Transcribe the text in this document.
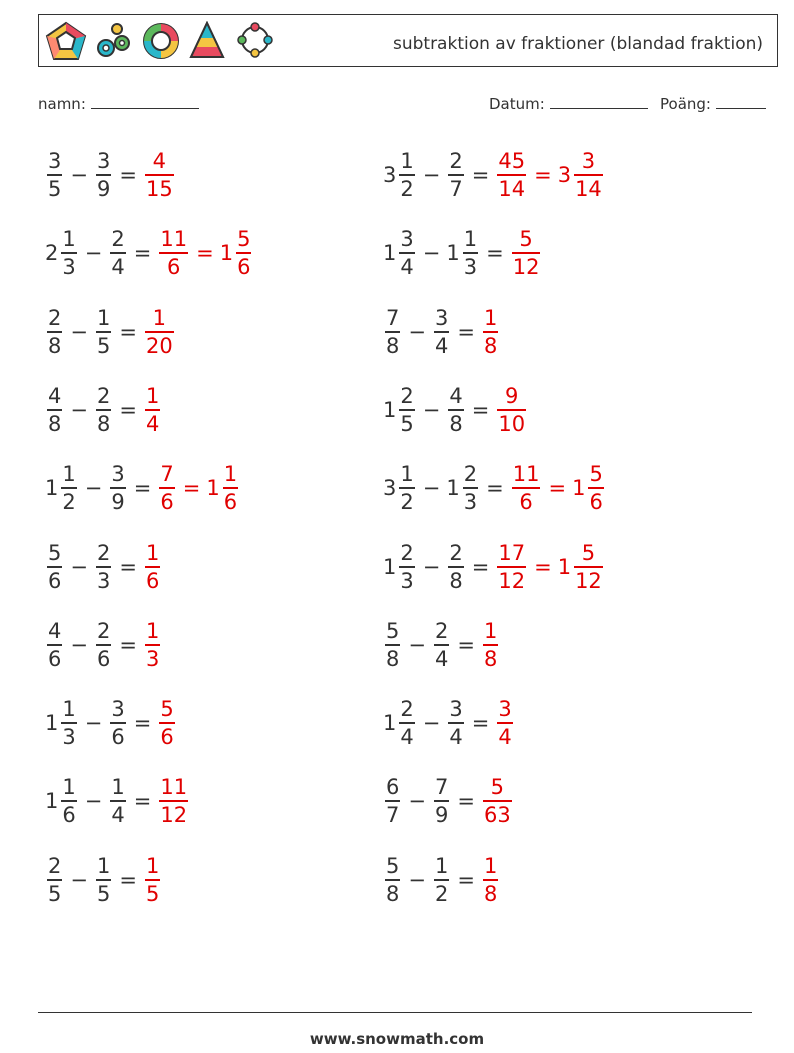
subtraktion av fraktioner (blandad fraktion)
namn:	Datum:	Poäng:
$\frac{3}{5} - \frac{3}{9} = \frac{4}{15}$
$2 \frac{1}{3} - \frac{2}{4} = \frac{11}{6} = 1 \frac{5}{6}$
$\frac{2}{8} - \frac{1}{5} = \frac{1}{20}$
$\frac{4}{8} - \frac{2}{8} = \frac{1}{4}$
$1 \frac{1}{2} - \frac{3}{9} = \frac{7}{6} = 1 \frac{1}{6}$
$\frac{5}{6} - \frac{2}{3} = \frac{1}{6}$
$\frac{4}{6} - \frac{2}{6} = \frac{1}{3}$
$1 \frac{1}{3} - \frac{3}{6} = \frac{5}{6}$
$1 \frac{1}{6} - \frac{1}{4} = \frac{11}{12}$
$\frac{2}{5} - \frac{1}{5} = \frac{1}{5}$
$3 \frac{1}{2} - \frac{2}{7} = \frac{45}{14} = 3 \frac{3}{14}$
$1 \frac{3}{4} - 1 \frac{1}{3} = \frac{5}{12}$
$\frac{7}{8} - \frac{3}{4} = \frac{1}{8}$
$1 \frac{2}{5} - \frac{4}{8} = \frac{9}{10}$
$3 \frac{1}{2} - 1 \frac{2}{3} = \frac{11}{6} = 1 \frac{5}{6}$
$1 \frac{2}{3} - \frac{2}{8} = \frac{17}{12} = 1 \frac{5}{12}$
$\frac{5}{8} - \frac{2}{4} = \frac{1}{8}$
$1 \frac{2}{4} - \frac{3}{4} = \frac{3}{4}$
$\frac{6}{7} - \frac{7}{9} = \frac{5}{63}$
$\frac{5}{8} - \frac{1}{2} = \frac{1}{8}$
www.snowmath.com
